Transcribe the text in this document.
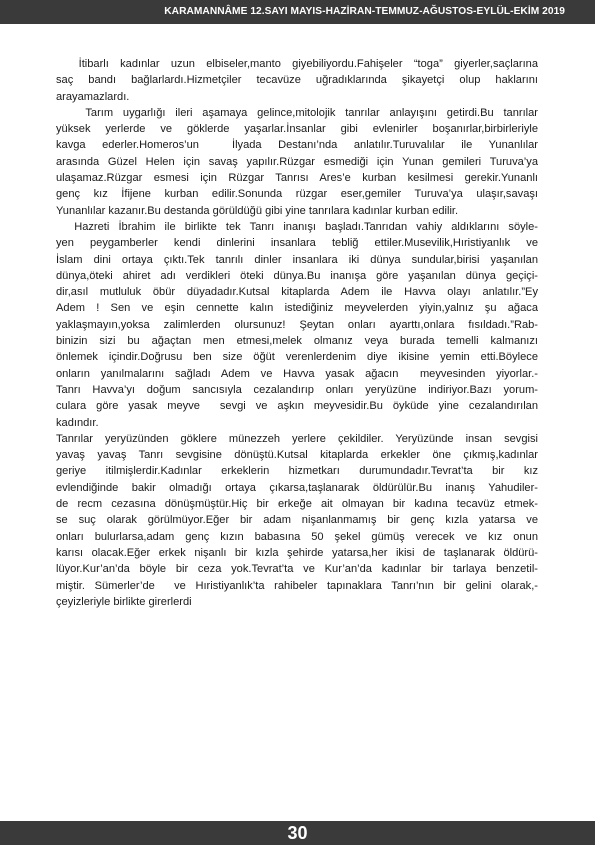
KARAMANNÂME 12.SAYI MAYIS-HAZİRAN-TEMMUZ-AĞUSTOS-EYLÜL-EKİM 2019
İtibarlı kadınlar uzun elbiseler,manto giyebiliyordu.Fahişeler “toga” giyerler,saçlarına
saç bandı bağlarlardı.Hizmetçiler tecavüze uğradıklarında şikayetçi olup haklarını
arayamazlardı.
Tarım uygarlığı ileri aşamaya gelince,mitolojik tanrılar anlayışını getirdi.Bu tanrılar
yüksek yerlerde ve göklerde yaşarlar.İnsanlar gibi evlenirler boşanırlar,birbirleriyle
kavga ederler.Homeros’un  İlyada Destanı’nda anlatılır.Turuvalılar ile Yunanlılar
arasında Güzel Helen için savaş yapılır.Rüzgar esmediği için Yunan gemileri Turuva’ya
ulaşamaz.Rüzgar esmesi için Rüzgar Tanrısı Ares’e kurban kesilmesi gerekir.Yunanlı
genç kız İfijene kurban edilir.Sonunda rüzgar eser,gemiler Turuva’ya ulaşır,savaşı
Yunanlılar kazanır.Bu destanda görüldüğü gibi yine tanrılara kadınlar kurban edilir.
Hazreti İbrahim ile birlikte tek Tanrı inanışı başladı.Tanrıdan vahiy aldıklarını söyle-
yen peygamberler kendi dinlerini insanlara tebliğ ettiler.Musevilik,Hıristiyanlık ve
İslam dini ortaya çıktı.Tek tanrılı dinler insanlara iki dünya sundular,birisi yaşanılan
dünya,öteki ahiret adı verdikleri öteki dünya.Bu inanışa göre yaşanılan dünya geçiçi-
dir,asıl mutluluk öbür düyadadır.Kutsal kitaplarda Adem ile Havva olayı anlatılır.”Ey
Adem ! Sen ve eşin cennette kalın istediğiniz meyvelerden yiyin,yalnız şu ağaca
yaklaşmayın,yoksa zalimlerden olursunuz! Şeytan onları ayarttı,onlara fısıldadı.”Rab-
binizin sizi bu ağaçtan men etmesi,melek olmanız veya burada temelli kalmanızı
önlemek içindir.Doğrusu ben size öğüt verenlerdenim diye ikisine yemin etti.Böylece
onların yanılmalarını sağladı Adem ve Havva yasak ağacın  meyvesinden yiyorlar.-
Tanrı Havva’yı doğum sancısıyla cezalandırıp onları yeryüzüne indiriyor.Bazı yorum-
culara göre yasak meyve  sevgi ve aşkın meyvesidir.Bu öyküde yine cezalandırılan
kadındır.
Tanrılar yeryüzünden göklere münezzeh yerlere çekildiler. Yeryüzünde insan sevgisi
yavaş yavaş Tanrı sevgisine dönüştü.Kutsal kitaplarda erkekler öne çıkmış,kadınlar
geriye itilmişlerdir.Kadınlar erkeklerin hizmetkarı durumundadır.Tevrat’ta bir kız
evlendiğinde bakir olmadığı ortaya çıkarsa,taşlanarak öldürülür.Bu inanış Yahudiler-
de recm cezasına dönüşmüştür.Hiç bir erkeğe ait olmayan bir kadına tecavüz etmek-
se suç olarak görülmüyor.Eğer bir adam nişanlanmamış bir genç kızla yatarsa ve
onları bulurlarsa,adam genç kızın babasına 50 şekel gümüş verecek ve kız onun
karısı olacak.Eğer erkek nişanlı bir kızla şehirde yatarsa,her ikisi de taşlanarak öldürü-
lüyor.Kur’an’da böyle bir ceza yok.Tevrat’ta ve Kur’an’da kadınlar bir tarlaya benzetil-
miştir. Sümerler’de  ve Hıristiyanlık’ta rahibeler tapınaklara Tanrı’nın bir gelini olarak,-
çeyizleriyle birlikte girerlerdi
30
